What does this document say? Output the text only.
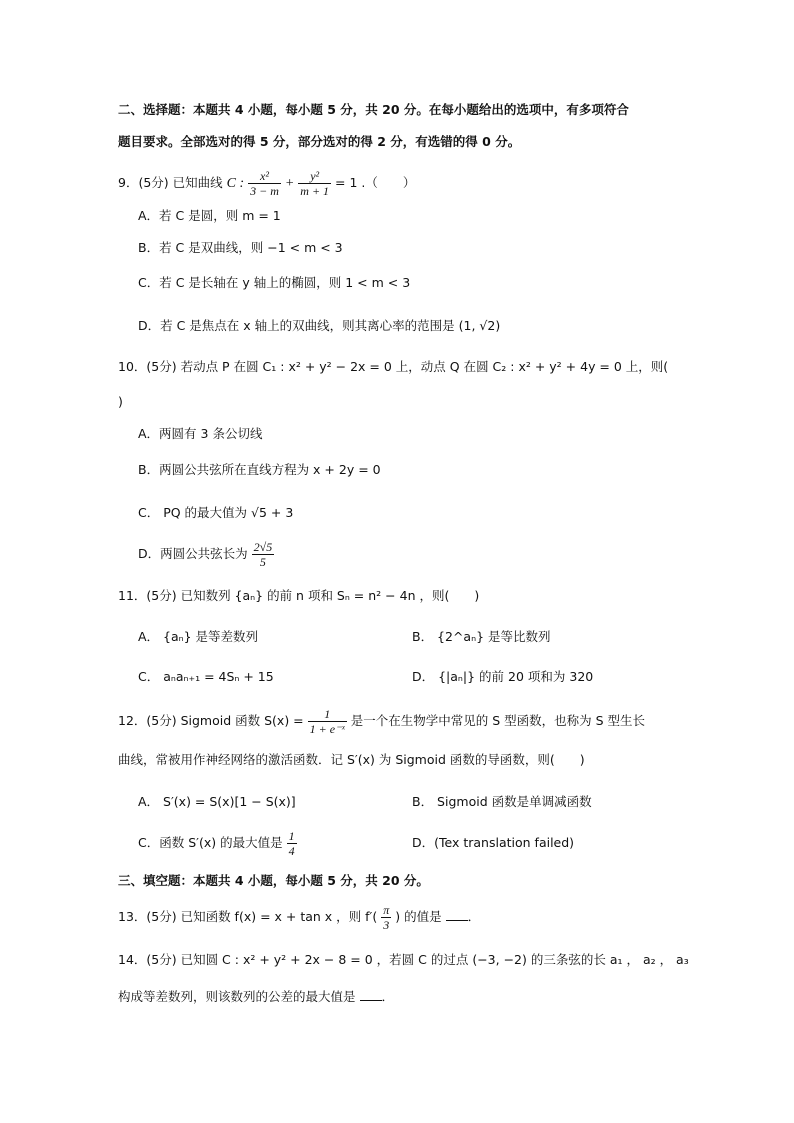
二、选择题：本题共 4 小题，每小题 5 分，共 20 分。在每小题给出的选项中，有多项符合
题目要求。全部选对的得 5 分，部分选对的得 2 分，有选错的得 0 分。
9．(5分) 已知曲线 C : $\frac{\text{x²}}{3 - m} + \frac{\text{y²}}{m + 1} = 1$ .（　　）
A．若 C 是圆，则 m = 1
B．若 C 是双曲线，则 −1 < m < 3
C．若 C 是长轴在 y 轴上的椭圆，则 1 < m < 3
D．若 C 是焦点在 x 轴上的双曲线，则其离心率的范围是 (1, √2)
10．(5分) 若动点 P 在圆 C₁ : x² + y² − 2x = 0 上，动点 Q 在圆 C₂ : x² + y² + 4y = 0 上，则(
)
A．两圆有 3 条公切线
B．两圆公共弦所在直线方程为 x + 2y = 0
C． PQ 的最大值为 √5 + 3
D．两圆公共弦长为 $\frac{2√5}{5}$
11．(5分) 已知数列 {aₙ} 的前 n 项和 Sₙ = n² − 4n ，则(　　)
A． {aₙ} 是等差数列	B． {2^aₙ} 是等比数列
C． aₙaₙ₊₁ = 4Sₙ + 15	D． {|aₙ|} 的前 20 项和为 320
12．(5分) Sigmoid 函数 $S(x) = \frac{1}{\text{1 + e⁻ˣ}}$ 是一个在生物学中常见的 S 型函数，也称为 S 型生长
曲线，常被用作神经网络的激活函数．记 S′(x) 为 Sigmoid 函数的导函数，则(　　)
A． S′(x) = S(x)[1 − S(x)]	B． Sigmoid 函数是单调减函数
C．函数 S′(x) 的最大值是 $\frac{1}{4}$	D．(Tex translation failed)
三、填空题：本题共 4 小题，每小题 5 分，共 20 分。
13．(5分) 已知函数 f(x) = x + tan x ，则 $f'( \frac{\pi}{3}$ ) 的值是 ．
14．(5分) 已知圆 C : x² + y² + 2x − 8 = 0 ，若圆 C 的过点 (−3, −2) 的三条弦的长 a₁ ， a₂ ， a₃
构成等差数列，则该数列的公差的最大值是 ．
